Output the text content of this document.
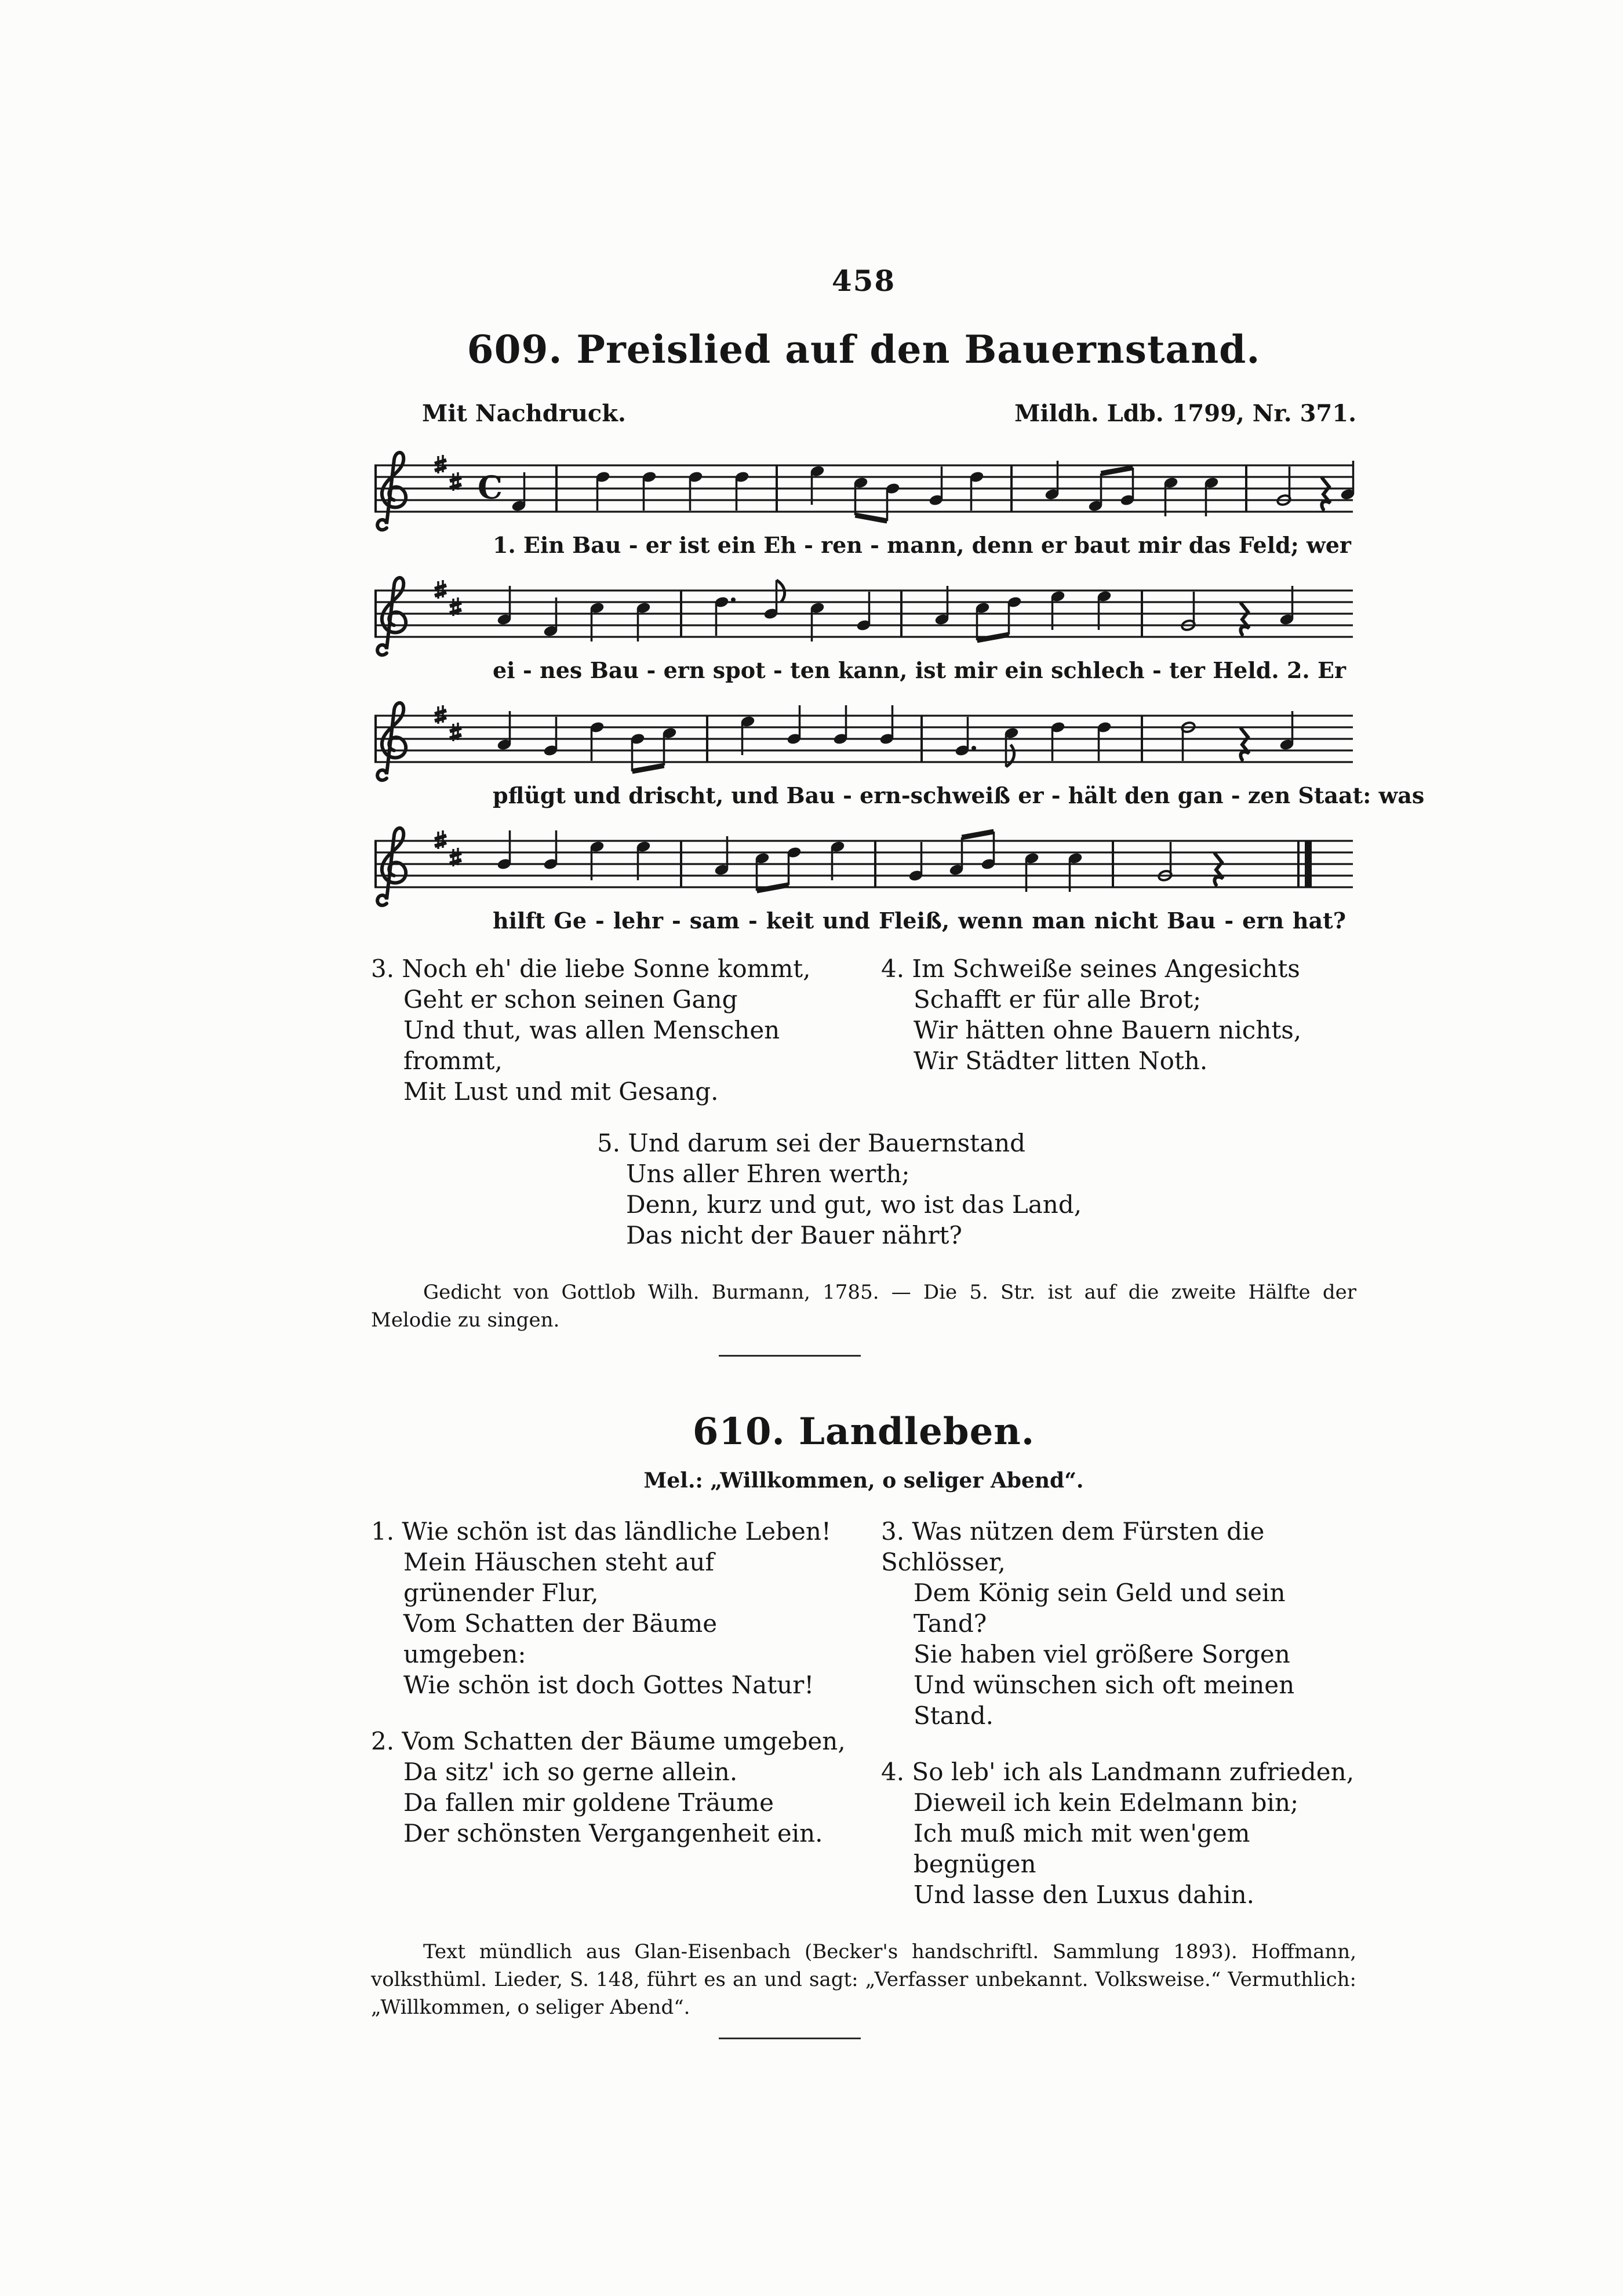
458
609. Preislied auf den Bauernstand.
Mit Nachdruck.	Mildh. Ldb. 1799, Nr. 371.
C
1. Ein Bau - er ist ein Eh - ren - mann, denn er baut mir das Feld; wer
ei - nes Bau - ern spot - ten kann, ist mir ein schlech - ter Held. 2. Er
pflügt und drischt, und Bau - ern-schweiß er - hält den gan - zen Staat: was
hilft Ge - lehr - sam - keit und Fleiß, wenn man nicht Bau - ern hat?
3. Noch eh' die liebe Sonne kommt,
Geht er schon seinen Gang
Und thut, was allen Menschen frommt,
Mit Lust und mit Gesang.
4. Im Schweiße seines Angesichts
Schafft er für alle Brot;
Wir hätten ohne Bauern nichts,
Wir Städter litten Noth.
5. Und darum sei der Bauernstand
Uns aller Ehren werth;
Denn, kurz und gut, wo ist das Land,
Das nicht der Bauer nährt?
Gedicht von Gottlob Wilh. Burmann, 1785. — Die 5. Str. ist auf die zweite Hälfte der
Melodie zu singen.
610. Landleben.
Mel.: „Willkommen, o seliger Abend“.
1. Wie schön ist das ländliche Leben!
Mein Häuschen steht auf grünender Flur,
Vom Schatten der Bäume umgeben:
Wie schön ist doch Gottes Natur!
2. Vom Schatten der Bäume umgeben,
Da sitz' ich so gerne allein.
Da fallen mir goldene Träume
Der schönsten Vergangenheit ein.
3. Was nützen dem Fürsten die Schlösser,
Dem König sein Geld und sein Tand?
Sie haben viel größere Sorgen
Und wünschen sich oft meinen Stand.
4. So leb' ich als Landmann zufrieden,
Dieweil ich kein Edelmann bin;
Ich muß mich mit wen'gem begnügen
Und lasse den Luxus dahin.
Text mündlich aus Glan-Eisenbach (Becker's handschriftl. Sammlung 1893). Hoffmann,
volksthüml. Lieder, S. 148, führt es an und sagt: „Verfasser unbekannt. Volksweise.“ Vermuthlich:
„Willkommen, o seliger Abend“.
